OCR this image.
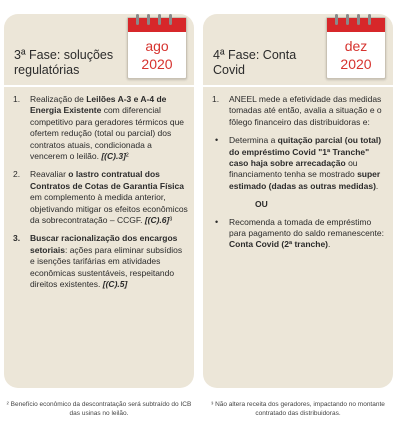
3ª Fase: soluções regulatórias
ago
2020
1. Realização de Leilões A-3 e A-4 de Energia Existente com diferencial competitivo para geradores térmicos que ofertem redução (total ou parcial) dos contratos atuais, condicionada a vencerem o leilão. [(C).3]²
2. Reavaliar o lastro contratual dos Contratos de Cotas de Garantia Física em complemento à medida anterior, objetivando mitigar os efeitos econômicos da sobrecontratação – CCGF. [(C).6]³
3. Buscar racionalização dos encargos setoriais: ações para eliminar subsídios e isenções tarifárias em atividades econômicas sustentáveis, respeitando direitos existentes. [(C).5]
4ª Fase: Conta Covid
dez
2020
1. ANEEL mede a efetividade das medidas tomadas até então, avalia a situação e o fôlego financeiro das distribuidoras e:
• Determina a quitação parcial (ou total) do empréstimo Covid "1ª Tranche" caso haja sobre arrecadação ou financiamento tenha se mostrado super estimado (dadas as outras medidas).
OU
• Recomenda a tomada de empréstimo para pagamento do saldo remanescente: Conta Covid (2ª tranche).
² Benefício econômico da descontratação será subtraído do ICB das usinas no leilão.
³ Não altera receita dos geradores, impactando no montante contratado das distribuidoras.
